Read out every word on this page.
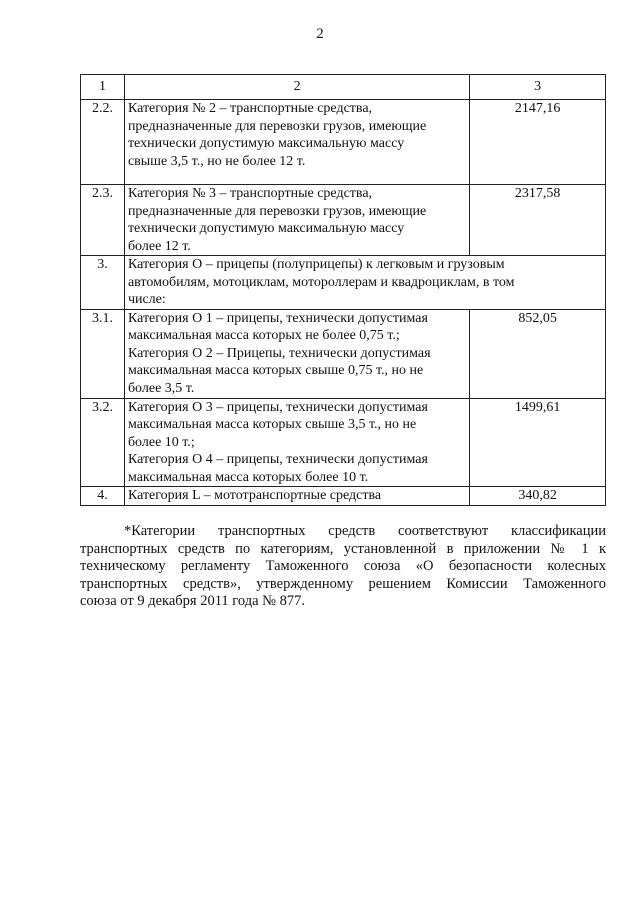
2
1	2	3
2.2.	Категория № 2 – транспортные средства,
предназначенные для перевозки грузов, имеющие
технически допустимую максимальную массу
свыше 3,5 т., но не более 12 т.	2147,16
2.3.	Категория № 3 – транспортные средства,
предназначенные для перевозки грузов, имеющие
технически допустимую максимальную массу
более 12 т.	2317,58
3.	Категория О – прицепы (полуприцепы) к легковым и грузовым
автомобилям, мотоциклам, мотороллерам и квадроциклам, в том
числе:	

3.1.	Категория О 1 – прицепы, технически допустимая
максимальная масса которых не более 0,75 т.;
Категория О 2 – Прицепы, технически допустимая
максимальная масса которых свыше 0,75 т., но не
более 3,5 т.	852,05
3.2.	Категория О 3 – прицепы, технически допустимая
максимальная масса которых свыше 3,5 т., но не
более 10 т.;
Категория О 4 – прицепы, технически допустимая
максимальная масса которых более 10 т.	1499,61
4.	Категория L – мототранспортные средства	340,82
*Категории транспортных средств соответствуют классификации
транспортных средств по категориям, установленной в приложении № 1 к
техническому регламенту Таможенного союза «О безопасности колесных
транспортных средств», утвержденному решением Комиссии Таможенного
союза от 9 декабря 2011 года № 877.
